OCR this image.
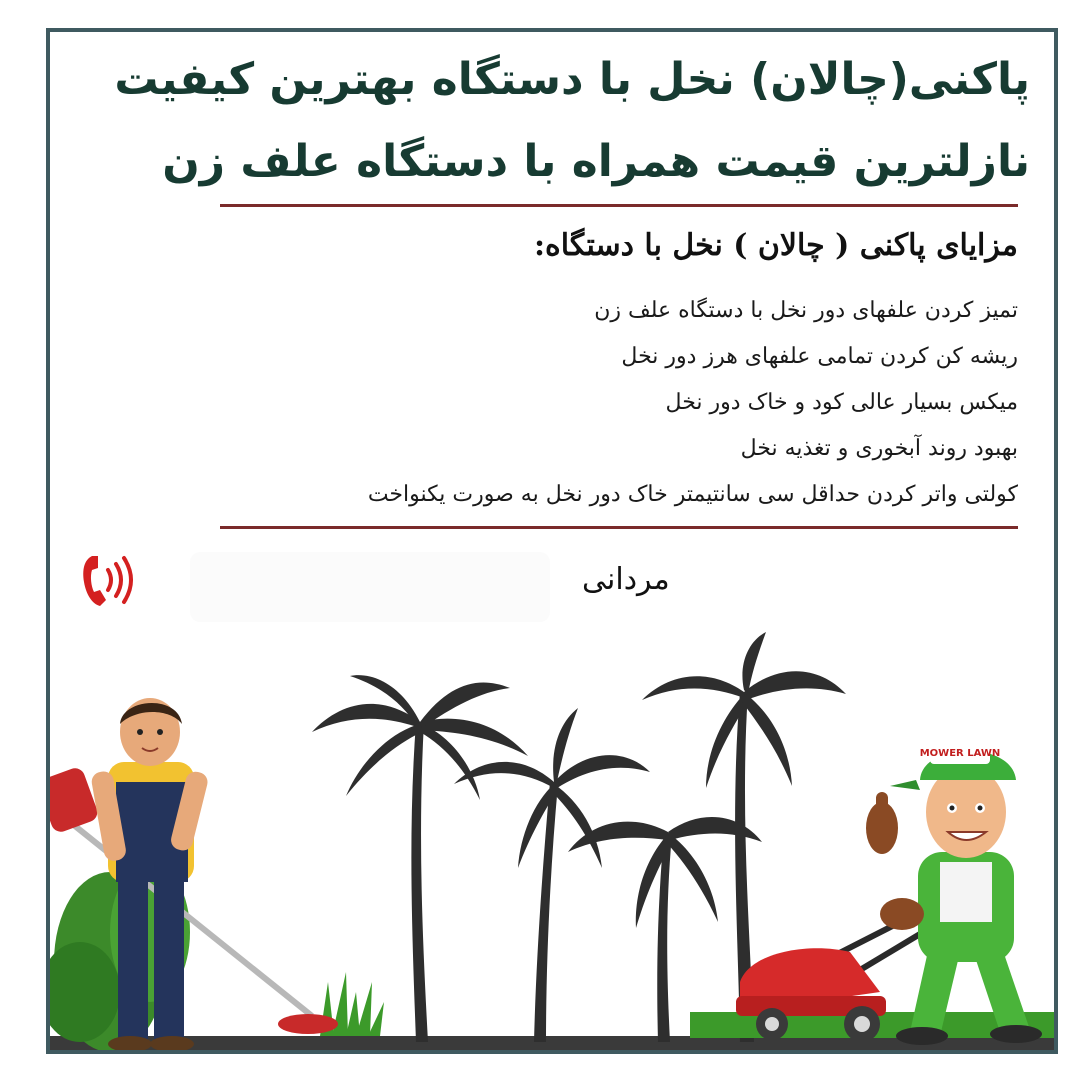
پاکنی(چالان) نخل با دستگاه بهترین کیفیت
نازلترین قیمت همراه با دستگاه علف زن
مزایای پاکنی ( چالان ) نخل با دستگاه:
تمیز کردن علفهای دور نخل با دستگاه علف زن
ریشه کن کردن تمامی علفهای هرز دور نخل
میکس بسیار عالی کود و خاک دور نخل
بهبود روند آبخوری و تغذیه نخل
کولتی واتر کردن حداقل سی سانتیمتر خاک دور نخل به صورت یکنواخت
مردانی
MOWER LAWN
